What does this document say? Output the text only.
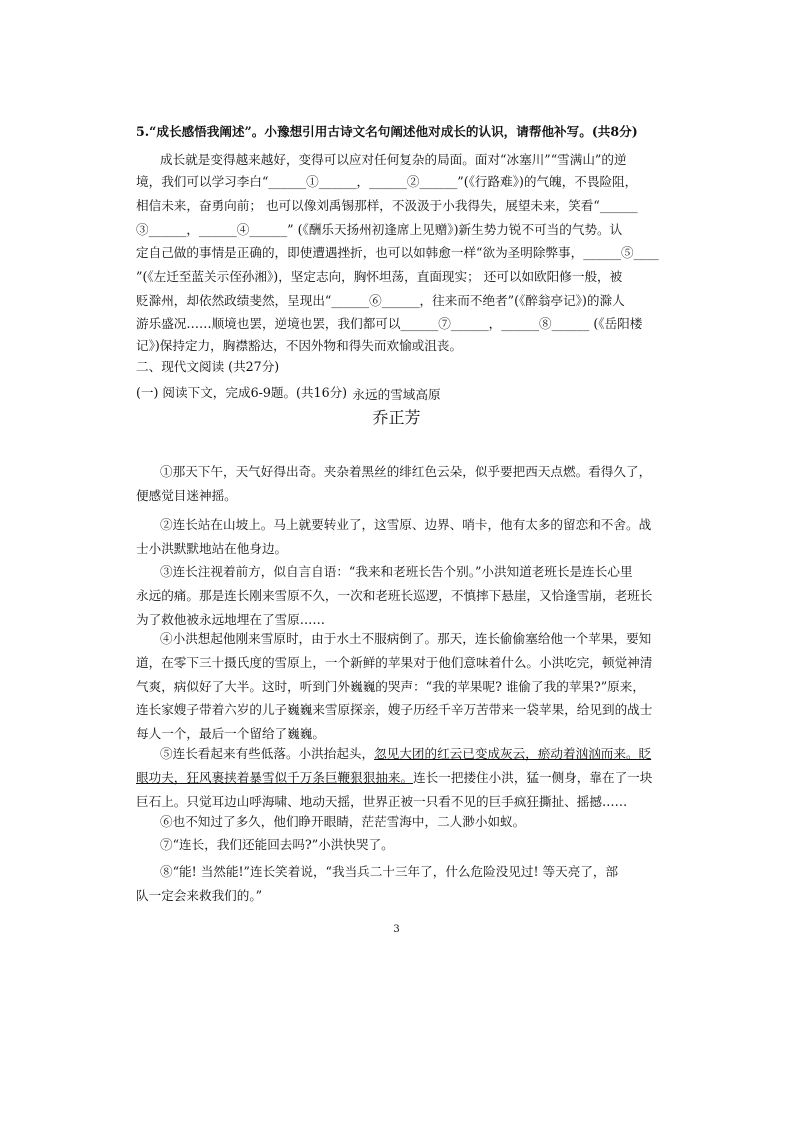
5.“成长感悟我阐述”。小豫想引用古诗文名句阐述他对成长的认识，请帮他补写。(共8分)
成长就是变得越来越好，变得可以应对任何复杂的局面。面对“冰塞川”“雪满山”的逆
境，我们可以学习李白“______①______，______②______”(《行路难》)的气魄，不畏险阻，
相信未来，奋勇向前； 也可以像刘禹锡那样，不汲汲于小我得失，展望未来，笑看“______
③______，______④______” (《酬乐天扬州初逢席上见赠》)新生势力锐不可当的气势。认
定自己做的事情是正确的，即使遭遇挫折，也可以如韩愈一样“欲为圣明除弊事，______⑤____
”(《左迁至蓝关示侄孙湘》)，坚定志向，胸怀坦荡，直面现实； 还可以如欧阳修一般，被
贬滁州，却依然政绩斐然，呈现出“______⑥______，往来而不绝者”(《醉翁亭记》)的滁人
游乐盛况……顺境也罢，逆境也罢，我们都可以______⑦______，______⑧______ (《岳阳楼
记》)保持定力，胸襟豁达，不因外物和得失而欢愉或沮丧。
二、现代文阅读 (共27分)
(一) 阅读下文，完成6-9题。(共16分) 永远的雪域高原
乔正芳
①那天下午，天气好得出奇。夹杂着黑丝的绯红色云朵，似乎要把西天点燃。看得久了，
便感觉目迷神摇。
②连长站在山坡上。马上就要转业了，这雪原、边界、哨卡，他有太多的留恋和不舍。战
士小洪默默地站在他身边。
③连长注视着前方，似自言自语：“我来和老班长告个别。”小洪知道老班长是连长心里
永远的痛。那是连长刚来雪原不久，一次和老班长巡逻，不慎摔下悬崖，又恰逢雪崩，老班长
为了救他被永远地埋在了雪原……
④小洪想起他刚来雪原时，由于水土不服病倒了。那天，连长偷偷塞给他一个苹果，要知
道，在零下三十摄氏度的雪原上，一个新鲜的苹果对于他们意味着什么。小洪吃完，顿觉神清
气爽，病似好了大半。这时，听到门外巍巍的哭声：“我的苹果呢? 谁偷了我的苹果?”原来，
连长家嫂子带着六岁的儿子巍巍来雪原探亲，嫂子历经千辛万苦带来一袋苹果，给见到的战士
每人一个，最后一个留给了巍巍。
⑤连长看起来有些低落。小洪抬起头，忽见大团的红云已变成灰云，瘀动着汹汹而来。眨
眼功夫，狂风裹挟着暴雪似千万条巨鞭狠狠抽来。连长一把搂住小洪，猛一侧身，靠在了一块
巨石上。只觉耳边山呼海啸、地动天摇，世界正被一只看不见的巨手疯狂撕扯、摇撼……
⑥也不知过了多久，他们睁开眼睛，茫茫雪海中，二人渺小如蚁。
⑦“连长，我们还能回去吗?”小洪快哭了。
⑧“能! 当然能!”连长笑着说，“我当兵二十三年了，什么危险没见过! 等天亮了，部
队一定会来救我们的。”
3
